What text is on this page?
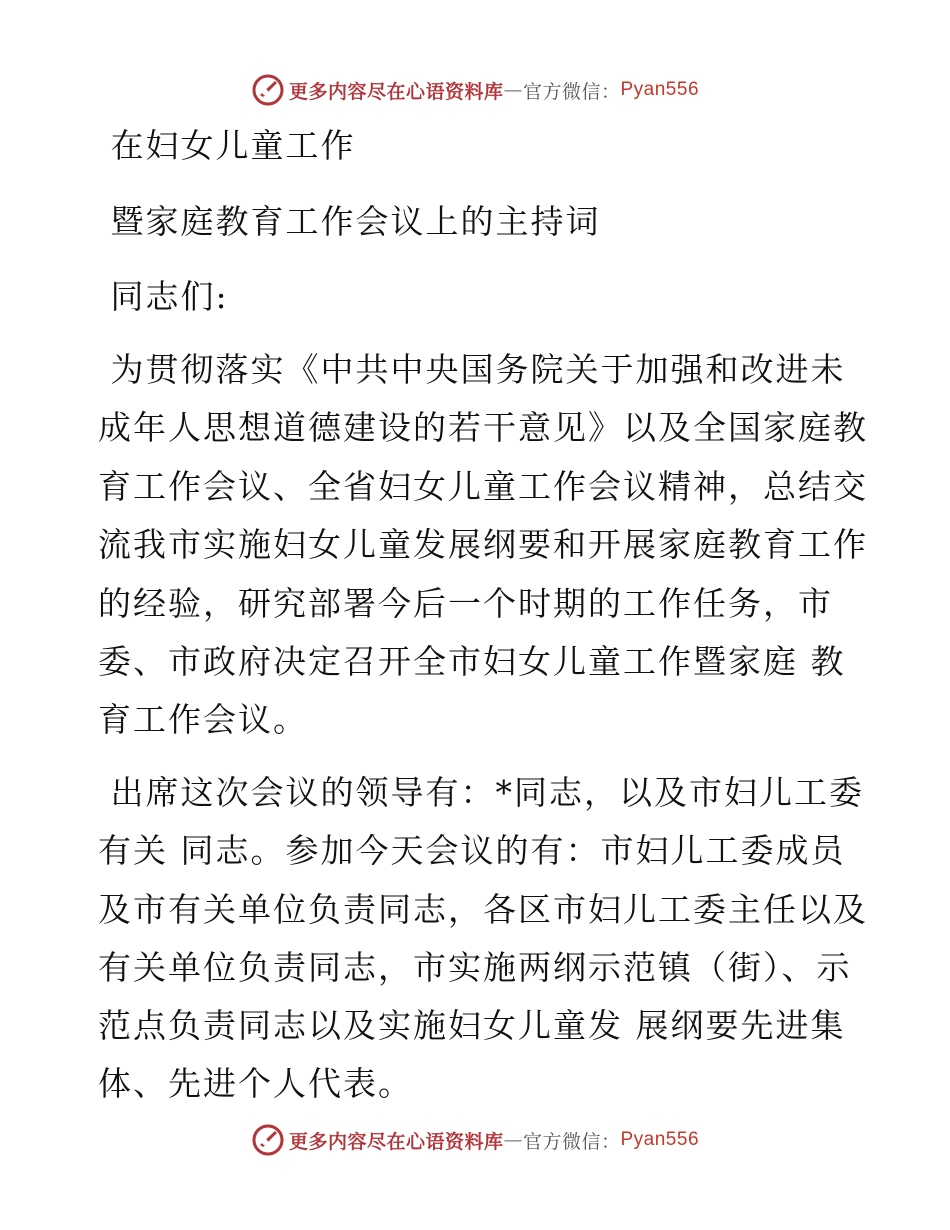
更多内容尽在心语资料库 — 官方微信： Pyan556

在妇女儿童工作

暨家庭教育工作会议上的主持词

同志们:

为贯彻落实《中共中央国务院关于加强和改进未

成年人思想道德建设的若干意见》以及全国家庭教

育工作会议、全省妇女儿童工作会议精神，总结交

流我市实施妇女儿童发展纲要和开展家庭教育工作

的经验，研究部署今后一个时期的工作任务，市

委、市政府决定召开全市妇女儿童工作暨家庭 教

育工作会议。

出席这次会议的领导有：*同志，以及市妇儿工委

有关 同志。参加今天会议的有：市妇儿工委成员

及市有关单位负责同志，各区市妇儿工委主任以及

有关单位负责同志，市实施两纲示范镇（街）、示

范点负责同志以及实施妇女儿童发 展纲要先进集

体、先进个人代表。

更多内容尽在心语资料库 — 官方微信： Pyan556
